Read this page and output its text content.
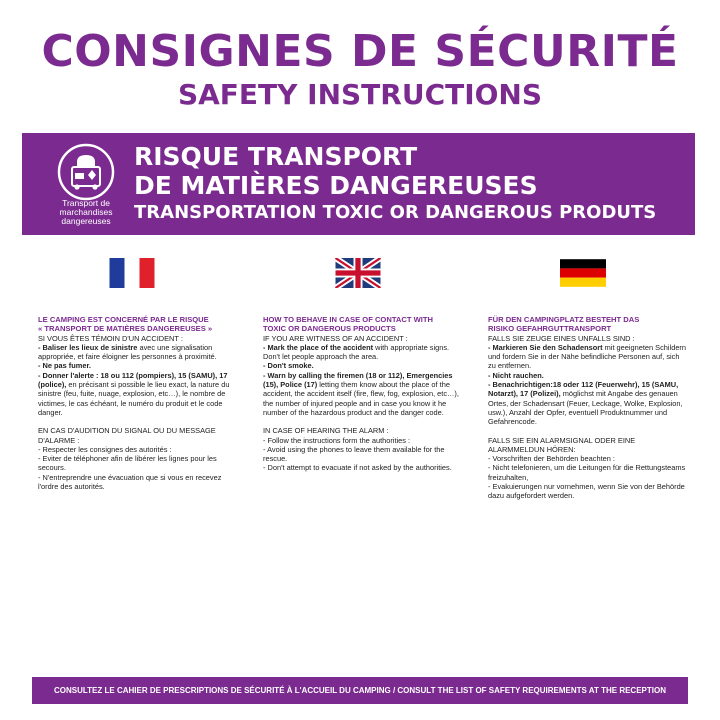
CONSIGNES DE SÉCURITÉ
SAFETY INSTRUCTIONS
Transport de
marchandises
dangereuses
RISQUE TRANSPORT
DE MATIÈRES DANGEREUSES
TRANSPORTATION TOXIC OR DANGEROUS PRODUTS

LE CAMPING EST CONCERNÉ PAR LE RISQUE

« TRANSPORT DE MATIÈRES DANGEREUSES »

SI VOUS ÊTES TÉMOIN D'UN ACCIDENT :

- Baliser les lieux de sinistre avec une signalisation appropriée, et faire éloigner les personnes à proximité.

- Ne pas fumer.

- Donner l'alerte : 18 ou 112 (pompiers), 15 (SAMU), 17 (police), en précisant si possible le lieu exact, la nature du sinistre (feu, fuite, nuage, explosion, etc…), le nombre de victimes, le cas échéant, le numéro du produit et le code danger.

EN CAS D'AUDITION DU SIGNAL OU DU MESSAGE D'ALARME :

- Respecter les consignes des autorités :

- Eviter de téléphoner afin de libérer les lignes pour les secours.

- N'entreprendre une évacuation que si vous en recevez l'ordre des autorités.

HOW TO BEHAVE IN CASE OF CONTACT WITH

TOXIC OR DANGEROUS PRODUCTS

IF YOU ARE WITNESS OF AN ACCIDENT :

- Mark the place of the accident with appropriate signs. Don't let people approach the area.

- Don't smoke.

- Warn by calling the firemen (18 or 112), Emergencies (15), Police (17) letting them know about the place of the accident, the accident itself (fire, flew, fog, explosion, etc…), the number of injured people and in case you know it he number of the hazardous product and the danger code.

IN CASE OF HEARING THE ALARM :

- Follow the instructions form the authorities :

- Avoid using the phones to leave them available for the rescue.

- Don't attempt to evacuate if not asked by the authorities.

FÜR DEN CAMPINGPLATZ BESTEHT DAS

RISIKO GEFAHRGUTTRANSPORT

FALLS SIE ZEUGE EINES UNFALLS SIND :

- Markieren Sie den Schadensort mit geeigneten Schildern und fordern Sie in der Nähe befindliche Personen auf, sich zu entfernen.

- Nicht rauchen.

- Benachrichtigen:18 oder 112 (Feuerwehr), 15 (SAMU, Notarzt), 17 (Polizei), möglichst mit Angabe des genauen Ortes, der Schadensart (Feuer, Leckage, Wolke, Explosion, usw.), Anzahl der Opfer, eventuell Produktnummer und Gefahrencode.

FALLS SIE EIN ALARMSIGNAL ODER EINE ALARMMELDUN HÖREN:

- Vorschriften der Behörden beachten :

- Nicht telefonieren, um die Leitungen für die Rettungsteams freizuhalten,

- Evakuierungen nur vornehmen, wenn Sie von der Behörde dazu aufgefordert werden.

CONSULTEZ LE CAHIER DE PRESCRIPTIONS DE SÉCURITÉ À L'ACCUEIL DU CAMPING / CONSULT THE LIST OF SAFETY REQUIREMENTS AT THE RECEPTION
